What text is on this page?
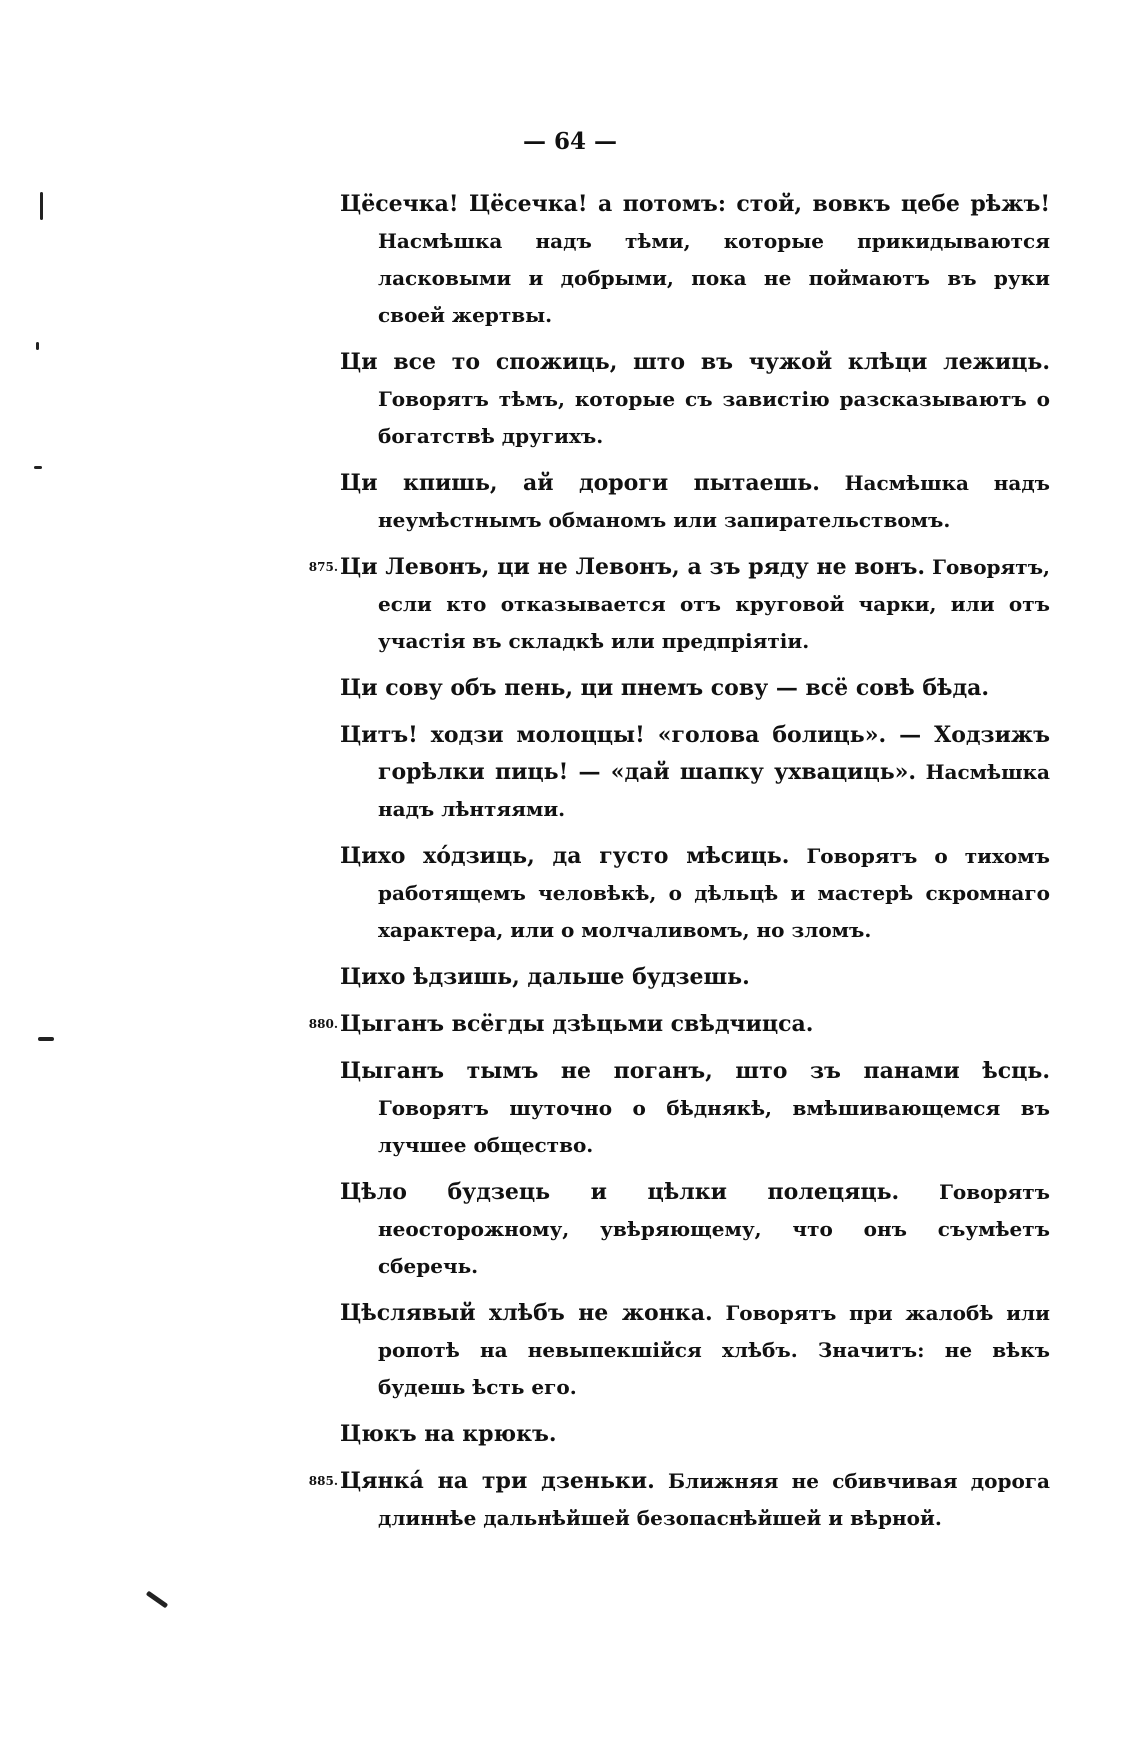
— 64 —

Цёсечка! Цёсечка! а потомъ: стой, вовкъ цебе рѣжъ! Насмѣшка надъ тѣми, которые прикидываются ласковыми и добрыми, пока не поймаютъ въ руки своей жертвы.

Ци все то спожиць, што въ чужой клѣци лежиць. Говорятъ тѣмъ, которые съ завистію разсказываютъ о богатствѣ другихъ.

Ци кпишь, ай дороги пытаешь. Насмѣшка надъ неумѣстнымъ обманомъ или запирательствомъ.

875. Ци Левонъ, ци не Левонъ, а зъ ряду не вонъ. Говорятъ, если кто отказывается отъ круговой чарки, или отъ участія въ складкѣ или предпріятіи.

Ци сову объ пень, ци пнемъ сову — всё совѣ бѣда.

Цитъ! ходзи молоццы! «голова болиць». — Ходзижъ горѣлки пиць! — «дай шапку ухвациць». Насмѣшка надъ лѣнтяями.

Цихо хо́дзиць, да густо мѣсиць. Говорятъ о тихомъ работящемъ человѣкѣ, о дѣльцѣ и мастерѣ скромнаго характера, или о молчаливомъ, но зломъ.

Цихо ѣдзишь, дальше будзешь.

880. Цыганъ всёгды дзѣцьми свѣдчицса.

Цыганъ тымъ не поганъ, што зъ панами ѣсць. Говорятъ шуточно о бѣднякѣ, вмѣшивающемся въ лучшее общество.

Цѣло будзець и цѣлки полецяць. Говорятъ неосторожному, увѣряющему, что онъ съумѣетъ сберечь.

Цѣслявый хлѣбъ не жонка. Говорятъ при жалобѣ или ропотѣ на невыпекшійся хлѣбъ. Значитъ: не вѣкъ будешь ѣсть его.

Цюкъ на крюкъ.

885. Цянка́ на три дзеньки. Ближняя не сбивчивая дорога длиннѣе дальнѣйшей безопаснѣйшей и вѣрной.
